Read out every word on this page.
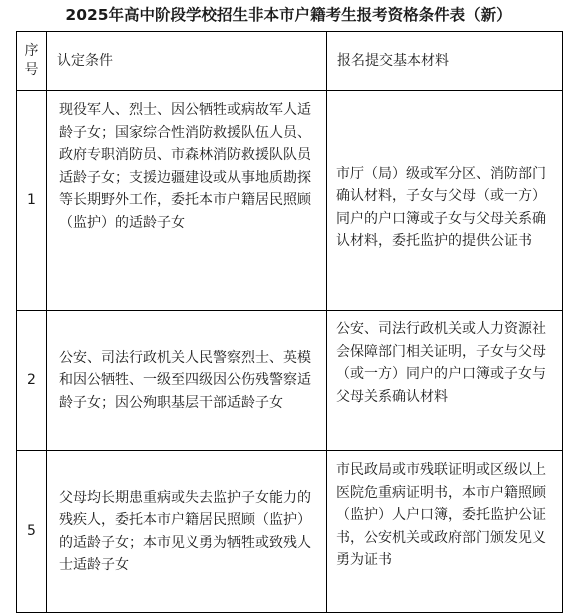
2025年高中阶段学校招生非本市户籍考生报考资格条件表（新）
序号	认定条件	报名提交基本材料
1	现役军人、烈士、因公牺牲或病故军人适龄子女；国家综合性消防救援队伍人员、政府专职消防员、市森林消防救援队队员适龄子女；支援边疆建设或从事地质勘探等长期野外工作，委托本市户籍居民照顾（监护）的适龄子女	市厅（局）级或军分区、消防部门确认材料，子女与父母（或一方）同户的户口簿或子女与父母关系确认材料，委托监护的提供公证书
2	公安、司法行政机关人民警察烈士、英模和因公牺牲、一级至四级因公伤残警察适龄子女；因公殉职基层干部适龄子女	公安、司法行政机关或人力资源社会保障部门相关证明，子女与父母（或一方）同户的户口簿或子女与父母关系确认材料
5	父母均长期患重病或失去监护子女能力的残疾人，委托本市户籍居民照顾（监护）的适龄子女；本市见义勇为牺牲或致残人士适龄子女	市民政局或市残联证明或区级以上医院危重病证明书，本市户籍照顾（监护）人户口簿，委托监护公证书，公安机关或政府部门颁发见义勇为证书
